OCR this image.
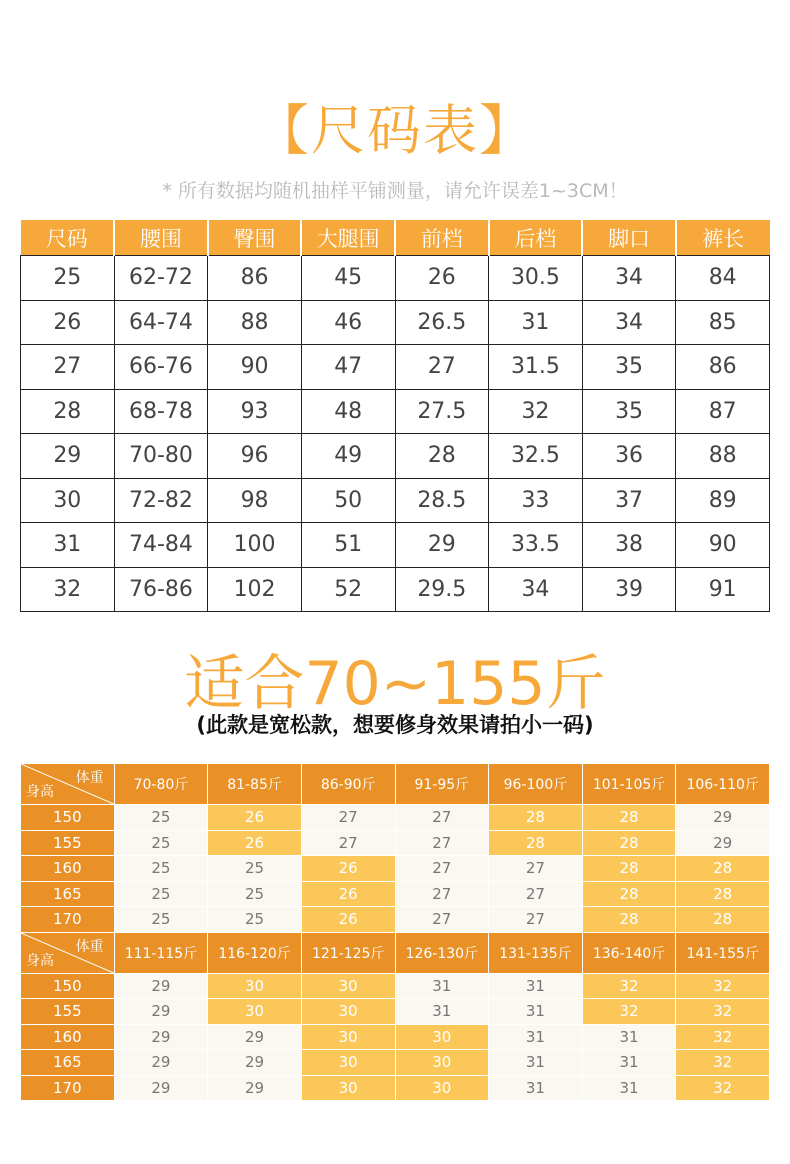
【尺码表】
* 所有数据均随机抽样平铺测量，请允许误差1~3CM！
尺码	腰围	臀围	大腿围	前档	后档	脚口	裤长
25	62-72	86	45	26	30.5	34	84
26	64-74	88	46	26.5	31	34	85
27	66-76	90	47	27	31.5	35	86
28	68-78	93	48	27.5	32	35	87
29	70-80	96	49	28	32.5	36	88
30	72-82	98	50	28.5	33	37	89
31	74-84	100	51	29	33.5	38	90
32	76-86	102	52	29.5	34	39	91
适合70~155斤
(此款是宽松款，想要修身效果请拍小一码)
体重
身高	70-80斤	81-85斤	86-90斤	91-95斤	96-100斤	101-105斤	106-110斤
150	25	26	27	27	28	28	29
155	25	26	27	27	28	28	29
160	25	25	26	27	27	28	28
165	25	25	26	27	27	28	28
170	25	25	26	27	27	28	28

体重
身高	111-115斤	116-120斤	121-125斤	126-130斤	131-135斤	136-140斤	141-155斤
150	29	30	30	31	31	32	32
155	29	30	30	31	31	32	32
160	29	29	30	30	31	31	32
165	29	29	30	30	31	31	32
170	29	29	30	30	31	31	32
